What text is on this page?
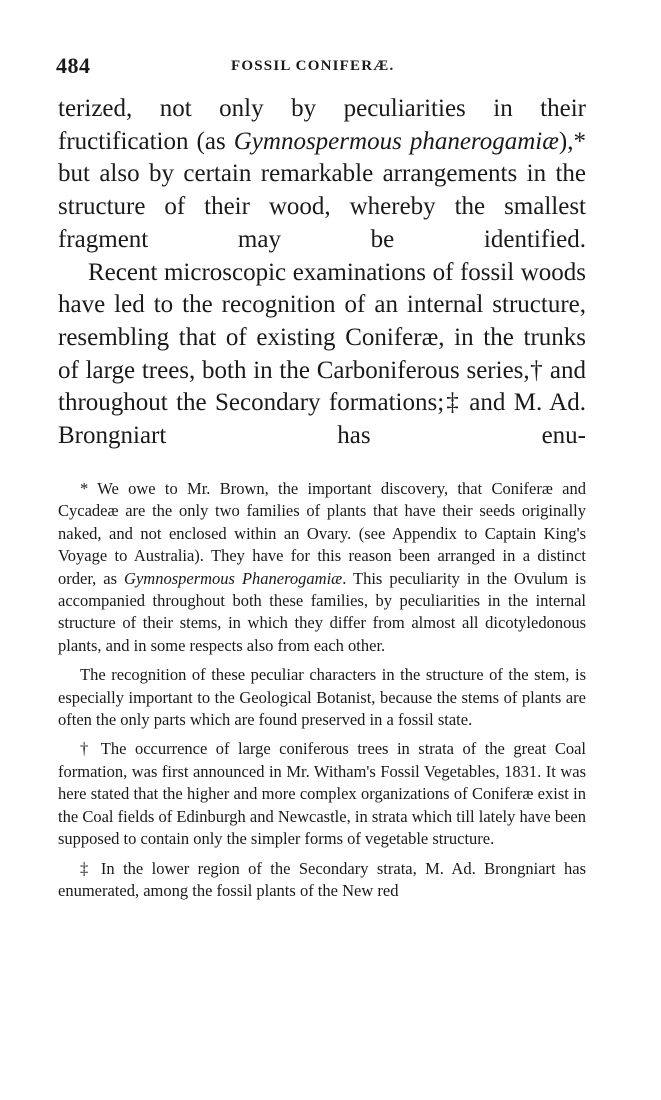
484	FOSSIL CONIFERÆ.

terized, not only by peculiarities in their fructification (as Gymnospermous phanerogamiæ),* but also by certain remarkable arrangements in the structure of their wood, whereby the smallest fragment may be identified.

Recent microscopic examinations of fossil woods have led to the recognition of an internal structure, resembling that of existing Coniferæ, in the trunks of large trees, both in the Carboniferous series,† and throughout the Secondary formations;‡ and M. Ad. Brongniart has enu-

* We owe to Mr. Brown, the important discovery, that Coniferæ and Cycadeæ are the only two families of plants that have their seeds originally naked, and not enclosed within an Ovary. (see Appendix to Captain King's Voyage to Australia). They have for this reason been arranged in a distinct order, as Gymnospermous Phanerogamiæ. This peculiarity in the Ovulum is accompanied throughout both these families, by peculiarities in the internal structure of their stems, in which they differ from almost all dicotyledonous plants, and in some respects also from each other.

The recognition of these peculiar characters in the structure of the stem, is especially important to the Geological Botanist, because the stems of plants are often the only parts which are found preserved in a fossil state.

† The occurrence of large coniferous trees in strata of the great Coal formation, was first announced in Mr. Witham's Fossil Vegetables, 1831. It was here stated that the higher and more complex organizations of Coniferæ exist in the Coal fields of Edinburgh and Newcastle, in strata which till lately have been supposed to contain only the simpler forms of vegetable structure.

‡ In the lower region of the Secondary strata, M. Ad. Brongniart has enumerated, among the fossil plants of the New red
